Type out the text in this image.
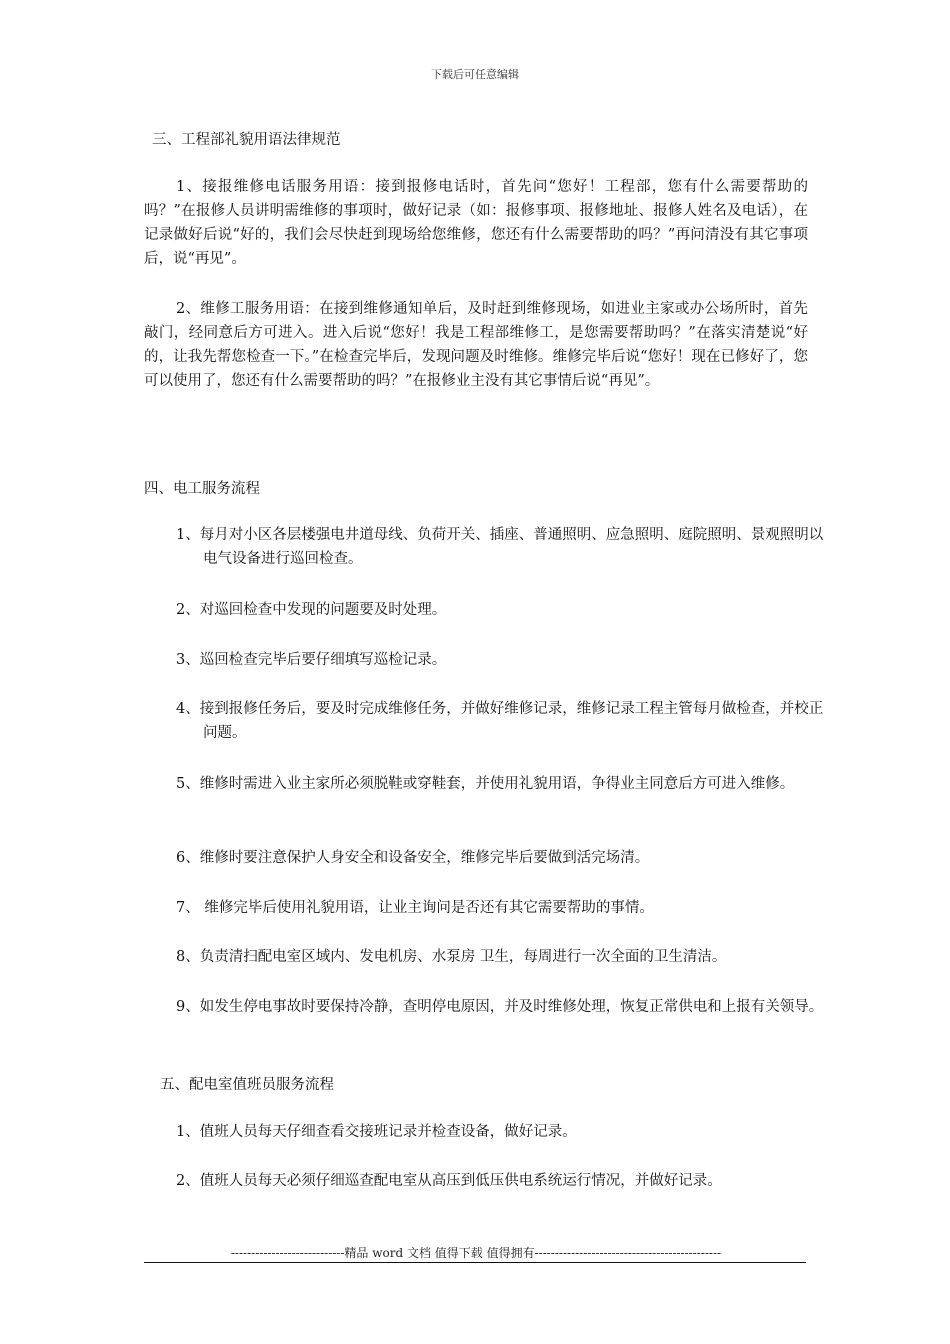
下载后可任意编辑
三、工程部礼貌用语法律规范
1、接报维修电话服务用语：接到报修电话时，首先问“您好！工程部，您有什么需要帮助的吗？”在报修人员讲明需维修的事项时，做好记录（如：报修事项、报修地址、报修人姓名及电话），在记录做好后说“好的，我们会尽快赶到现场给您维修，您还有什么需要帮助的吗？”再问清没有其它事项后，说“再见”。
2、维修工服务用语：在接到维修通知单后，及时赶到维修现场，如进业主家或办公场所时，首先敲门，经同意后方可进入。进入后说“您好！我是工程部维修工，是您需要帮助吗？”在落实清楚说“好的，让我先帮您检查一下。”在检查完毕后，发现问题及时维修。维修完毕后说“您好！现在已修好了，您可以使用了，您还有什么需要帮助的吗？”在报修业主没有其它事情后说“再见”。
四、电工服务流程
1、每月对小区各层楼强电井道母线、负荷开关、插座、普通照明、应急照明、庭院照明、景观照明以电气设备进行巡回检查。
2、对巡回检查中发现的问题要及时处理。
3、巡回检查完毕后要仔细填写巡检记录。
4、接到报修任务后，要及时完成维修任务，并做好维修记录，维修记录工程主管每月做检查，并校正问题。
5、维修时需进入业主家所必须脱鞋或穿鞋套，并使用礼貌用语，争得业主同意后方可进入维修。
6、维修时要注意保护人身安全和设备安全，维修完毕后要做到活完场清。
7、 维修完毕后使用礼貌用语，让业主询问是否还有其它需要帮助的事情。
8、负责清扫配电室区域内、发电机房、水泵房 卫生，每周进行一次全面的卫生清洁。
9、如发生停电事故时要保持冷静，查明停电原因，并及时维修处理，恢复正常供电和上报有关领导。
五、配电室值班员服务流程
1、值班人员每天仔细查看交接班记录并检查设备，做好记录。
2、值班人员每天必须仔细巡查配电室从高压到低压供电系统运行情况，并做好记录。
----------------------------精品 word 文档 值得下载 值得拥有----------------------------------------------
